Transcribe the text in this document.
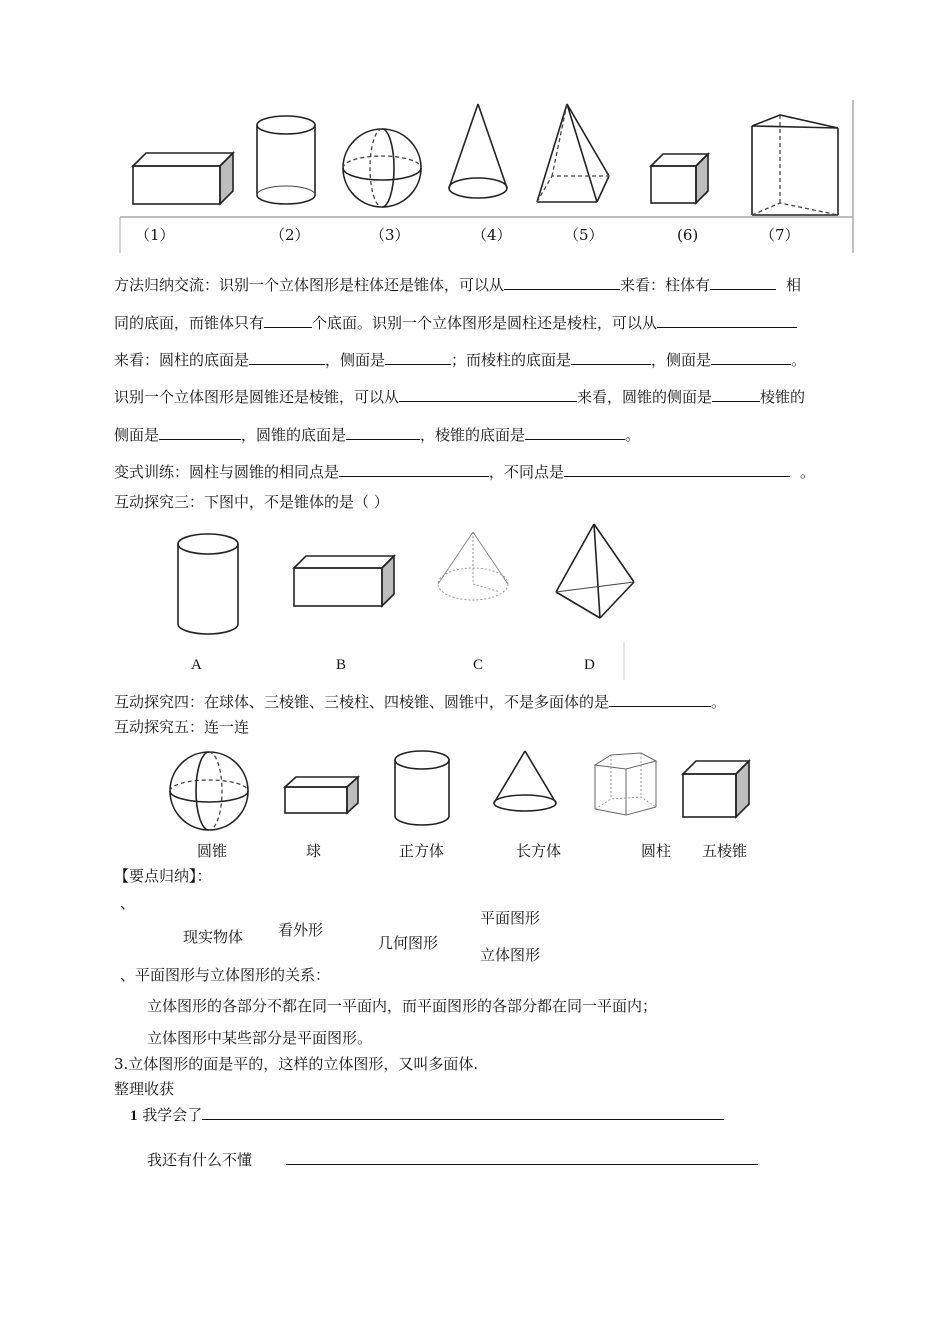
（1）	（2）	（3）	（4）	（5）	(6)	（7）
方法归纳交流：识别一个立体图形是柱体还是锥体，可以从	来看：柱体有	相
同的底面，而锥体只有	个底面。识别一个立体图形是圆柱还是棱柱，可以从
来看：圆柱的底面是	，侧面是	；而棱柱的底面是	，侧面是	。
识别一个立体图形是圆锥还是棱锥，可以从	来看，圆锥的侧面是	棱锥的
侧面是	，圆锥的底面是	，棱锥的底面是	。
变式训练：圆柱与圆锥的相同点是	，不同点是	。
互动探究三：下图中，不是锥体的是（ ）
A	B	C	D
互动探究四：在球体、三棱锥、三棱柱、四棱锥、圆锥中，不是多面体的是	。
互动探究五：连一连
圆锥	球	正方体	长方体	圆柱 五棱锥
【要点归纳】：
、
现实物体 看外形
几何图形
平面图形
立体图形
、平面图形与立体图形的关系：
立体图形的各部分不都在同一平面内，而平面图形的各部分都在同一平面内；
立体图形中某些部分是平面图形。
3.立体图形的面是平的，这样的立体图形，又叫多面体.
整理收获
1 我学会了
我还有什么不懂
